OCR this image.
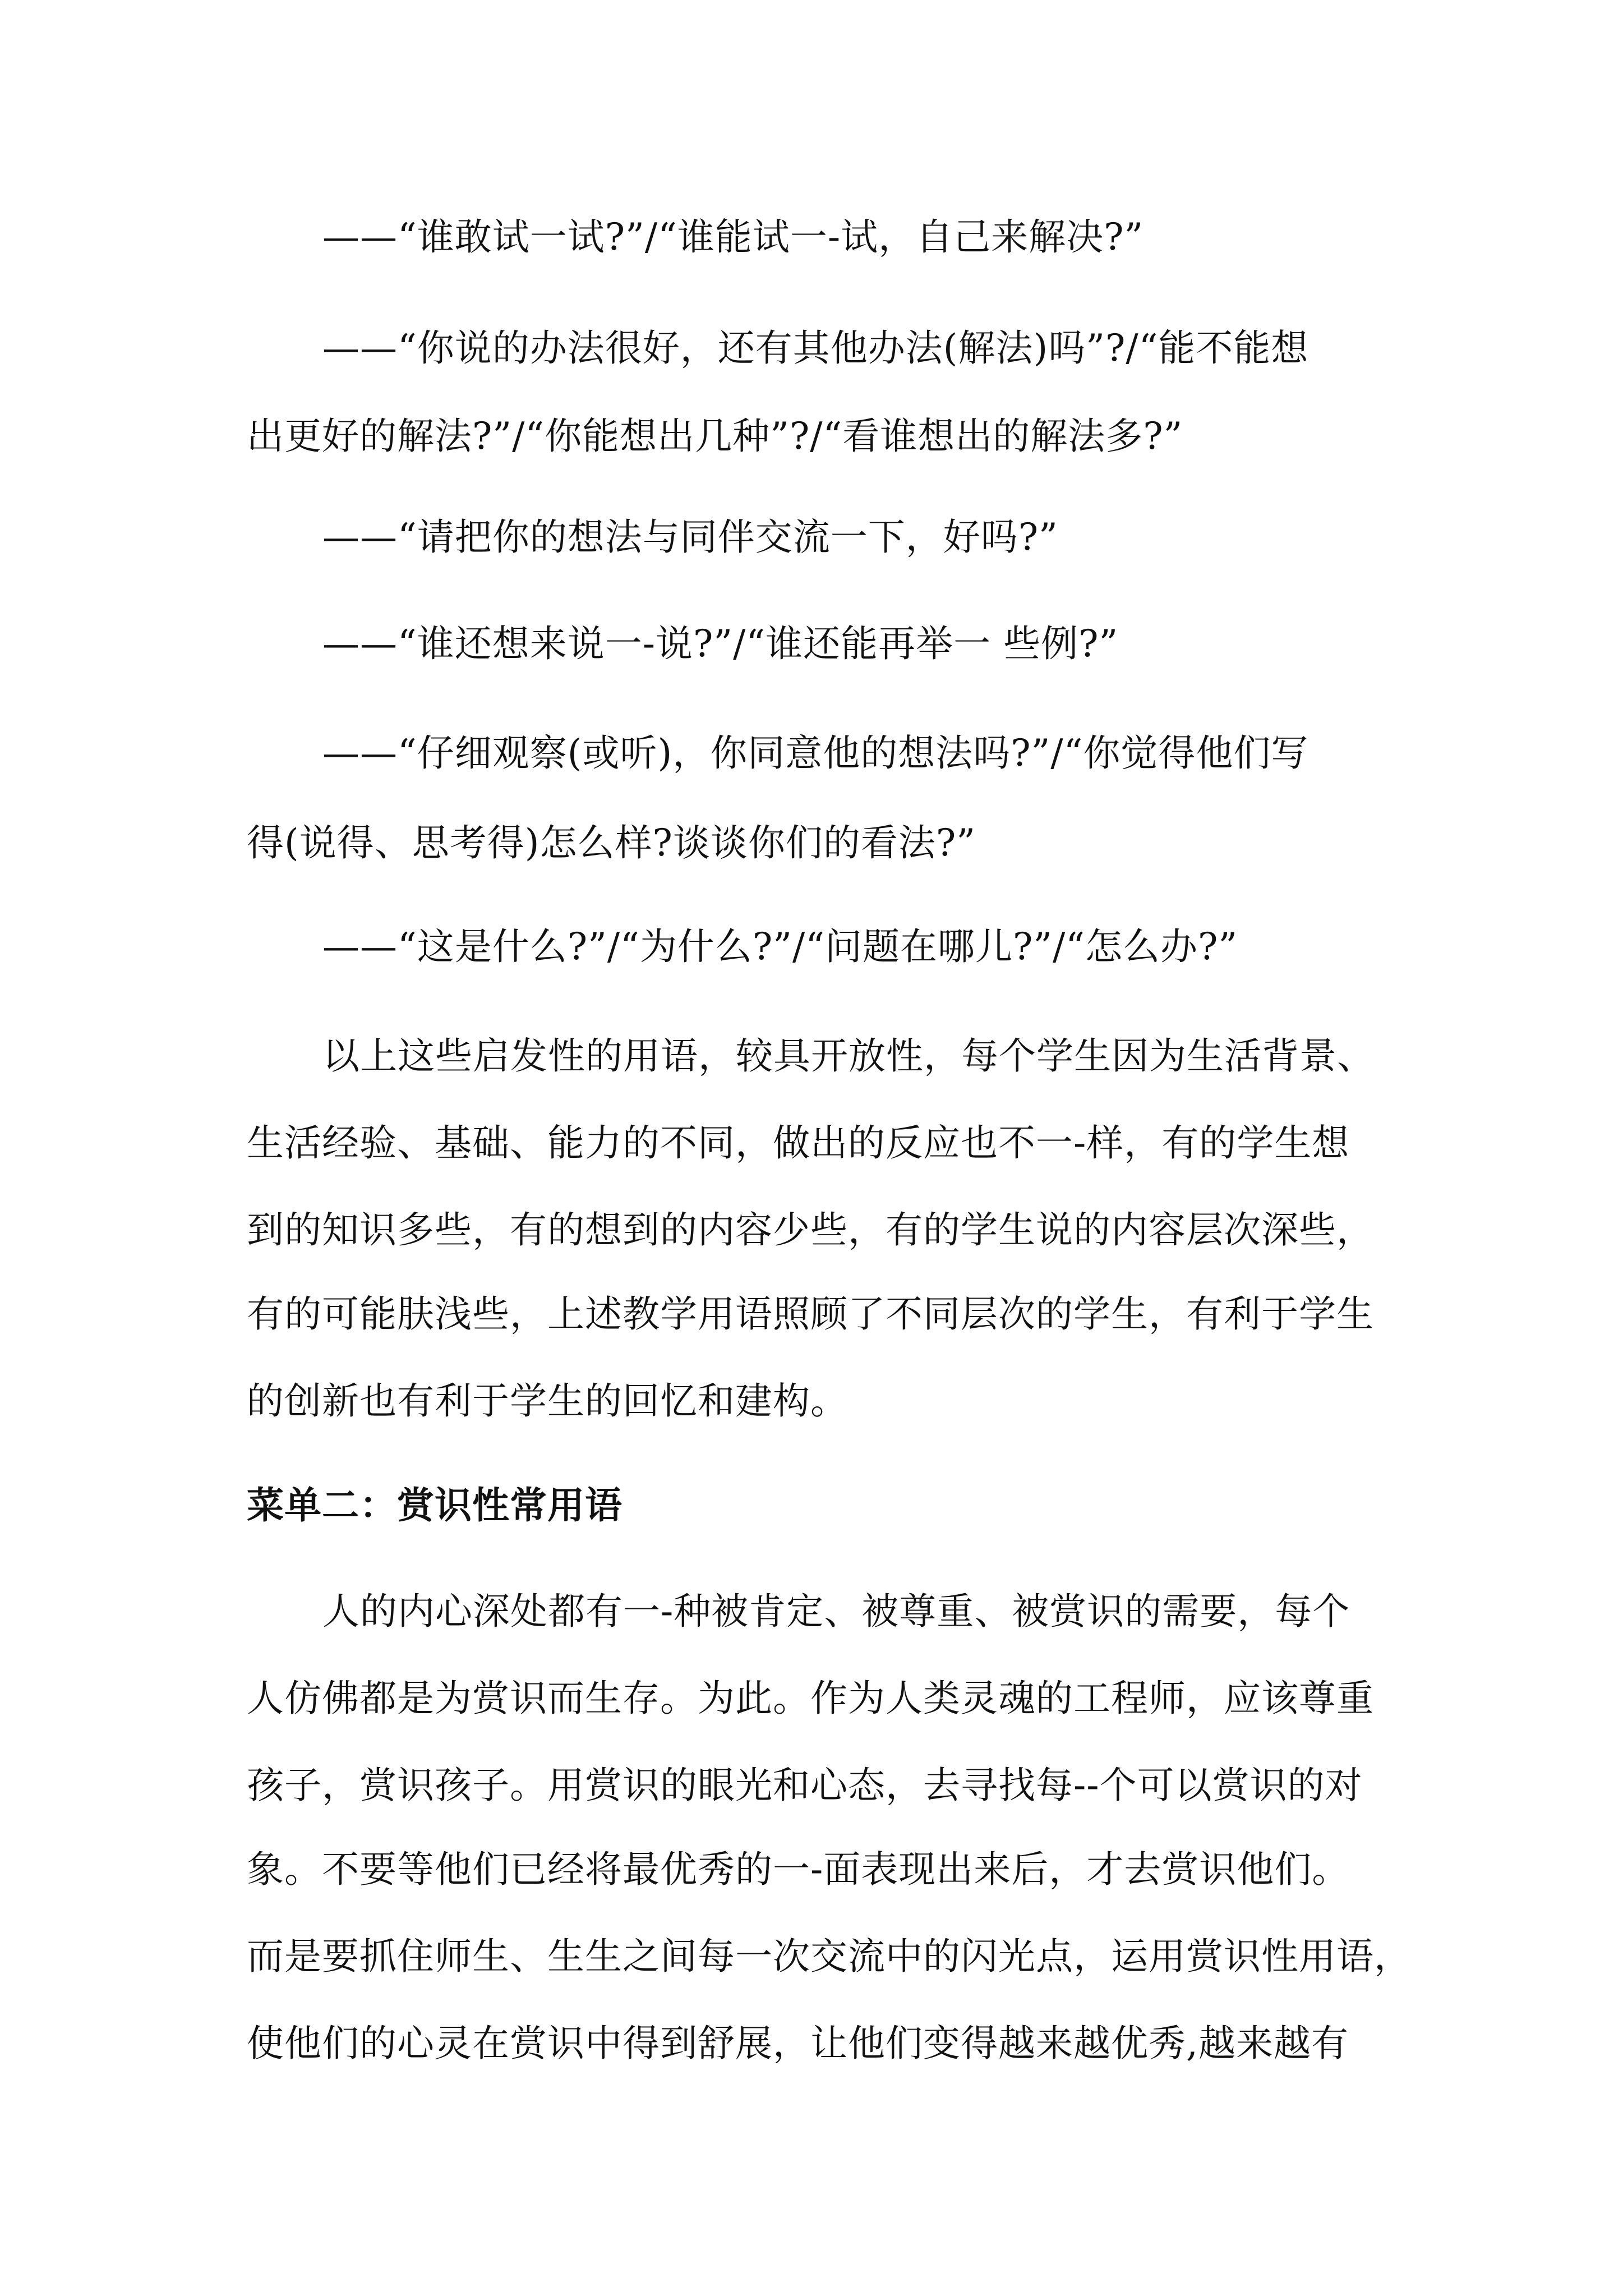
——“谁敢试一试?”/“谁能试一-试，自己来解决?”
——“你说的办法很好，还有其他办法(解法)吗”?/“能不能想
出更好的解法?”/“你能想出几种”?/“看谁想出的解法多?”
——“请把你的想法与同伴交流一下，好吗?”
——“谁还想来说一-说?”/“谁还能再举一 些例?”
——“仔细观察(或听)，你同意他的想法吗?”/“你觉得他们写
得(说得、思考得)怎么样?谈谈你们的看法?”
——“这是什么?”/“为什么?”/“问题在哪儿?”/“怎么办?”
以上这些启发性的用语，较具开放性，每个学生因为生活背景、
生活经验、基础、能力的不同，做出的反应也不一-样，有的学生想
到的知识多些，有的想到的内容少些，有的学生说的内容层次深些，
有的可能肤浅些，上述教学用语照顾了不同层次的学生，有利于学生
的创新也有利于学生的回忆和建构。
菜单二：赏识性常用语
人的内心深处都有一-种被肯定、被尊重、被赏识的需要，每个
人仿佛都是为赏识而生存。为此。作为人类灵魂的工程师，应该尊重
孩子，赏识孩子。用赏识的眼光和心态，去寻找每--个可以赏识的对
象。不要等他们已经将最优秀的一-面表现出来后，才去赏识他们。
而是要抓住师生、生生之间每一次交流中的闪光点，运用赏识性用语，
使他们的心灵在赏识中得到舒展，让他们变得越来越优秀,越来越有
